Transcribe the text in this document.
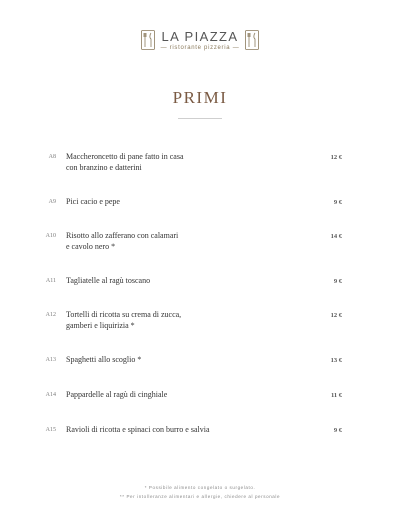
LA PIAZZA
— ristorante pizzeria —
PRIMI
A8 Maccheroncetto di pane fatto in casa
con branzino e datterini
12 €
A9 Pici cacio e pepe	9 €
A10 Risotto allo zafferano con calamari
e cavolo nero *
14 €
A11 Tagliatelle al ragù toscano	9 €
A12 Tortelli di ricotta su crema di zucca,
gamberi e liquirizia *
12 €
A13 Spaghetti allo scoglio *	13 €
A14 Pappardelle al ragù di cinghiale	11 €
A15 Ravioli di ricotta e spinaci con burro e salvia	9 €
* Possibile alimento congelato o surgelato.
** Per intolleranze alimentari e allergie, chiedere al personale
